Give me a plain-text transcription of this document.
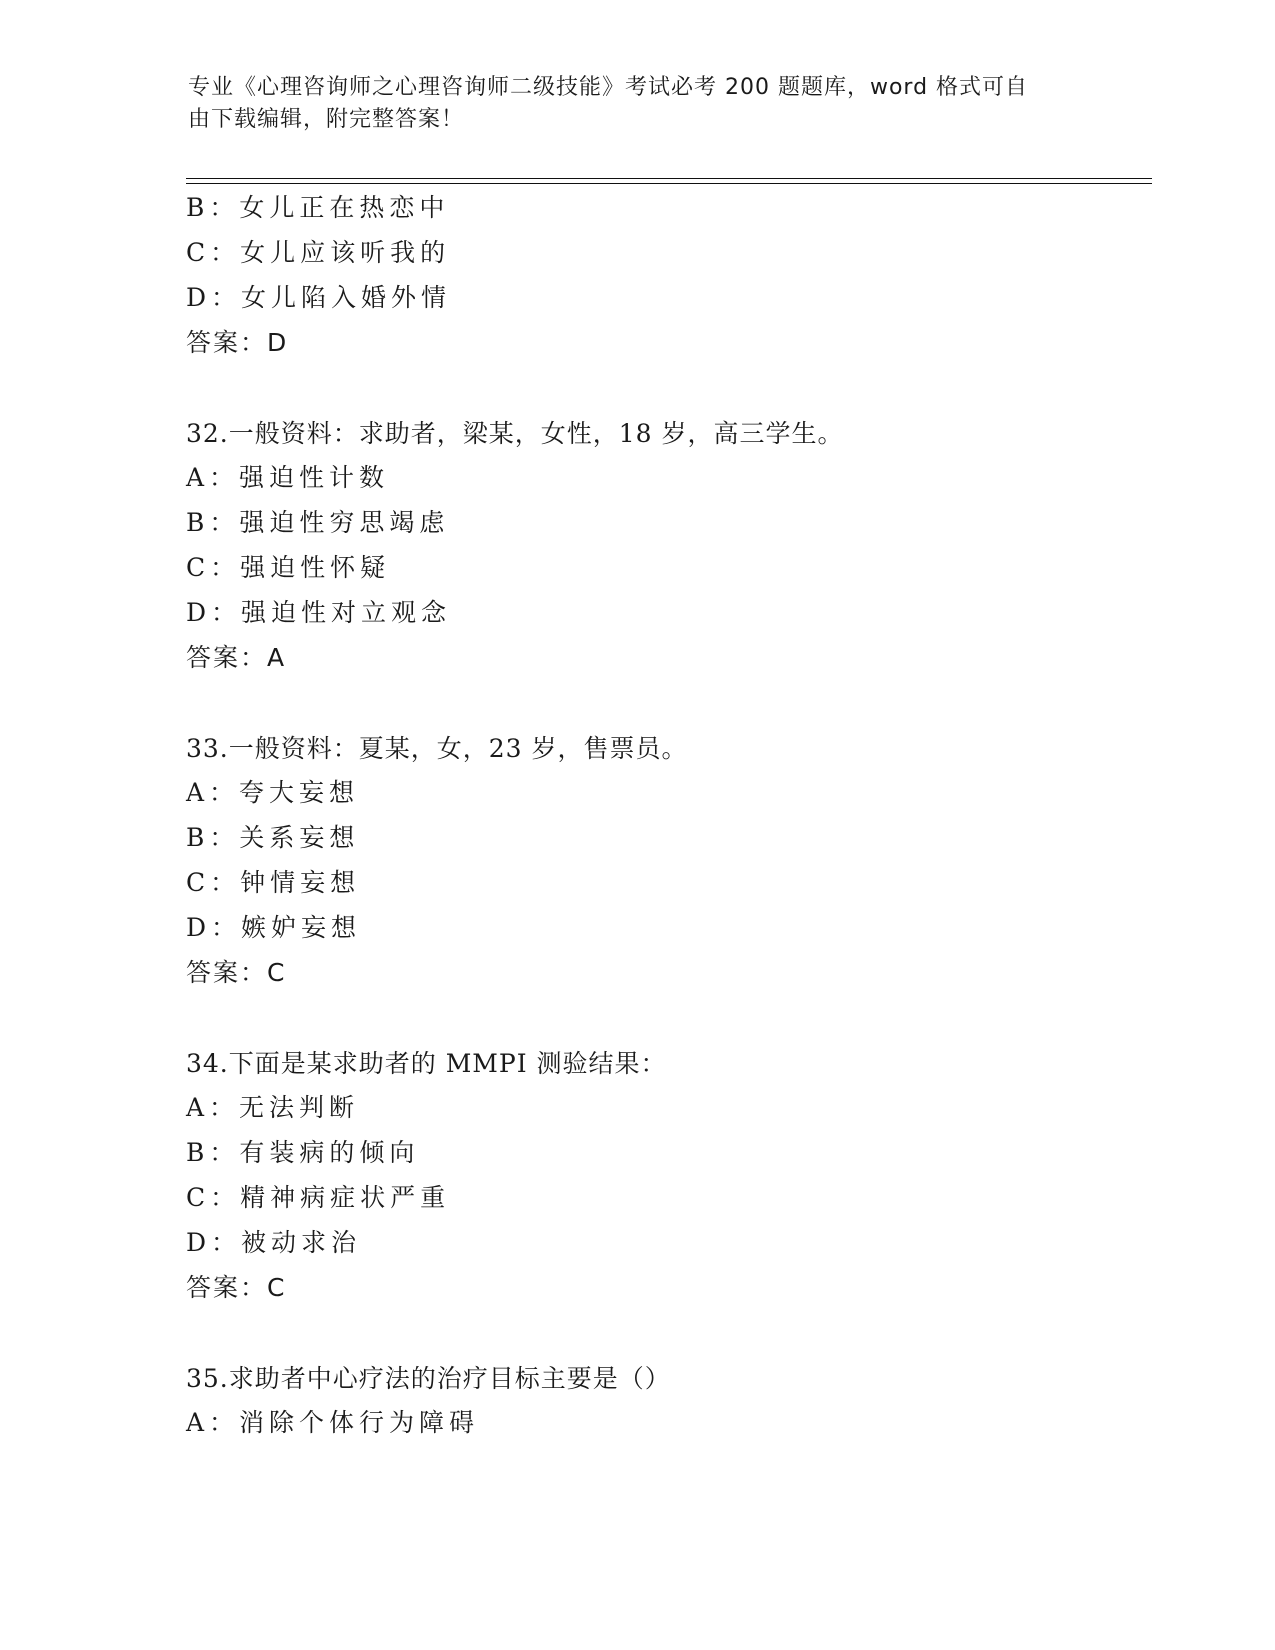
专业《心理咨询师之心理咨询师二级技能》考试必考 200 题题库，word 格式可自
由下载编辑，附完整答案！
B：女儿正在热恋中
C：女儿应该听我的
D：女儿陷入婚外情
答案：D
32.一般资料：求助者，梁某，女性，18 岁，高三学生。
A：强迫性计数
B：强迫性穷思竭虑
C：强迫性怀疑
D：强迫性对立观念
答案：A
33.一般资料：夏某，女，23 岁，售票员。
A：夸大妄想
B：关系妄想
C：钟情妄想
D：嫉妒妄想
答案：C
34.下面是某求助者的 MMPI 测验结果：
A：无法判断
B：有装病的倾向
C：精神病症状严重
D：被动求治
答案：C
35.求助者中心疗法的治疗目标主要是（）
A：消除个体行为障碍
